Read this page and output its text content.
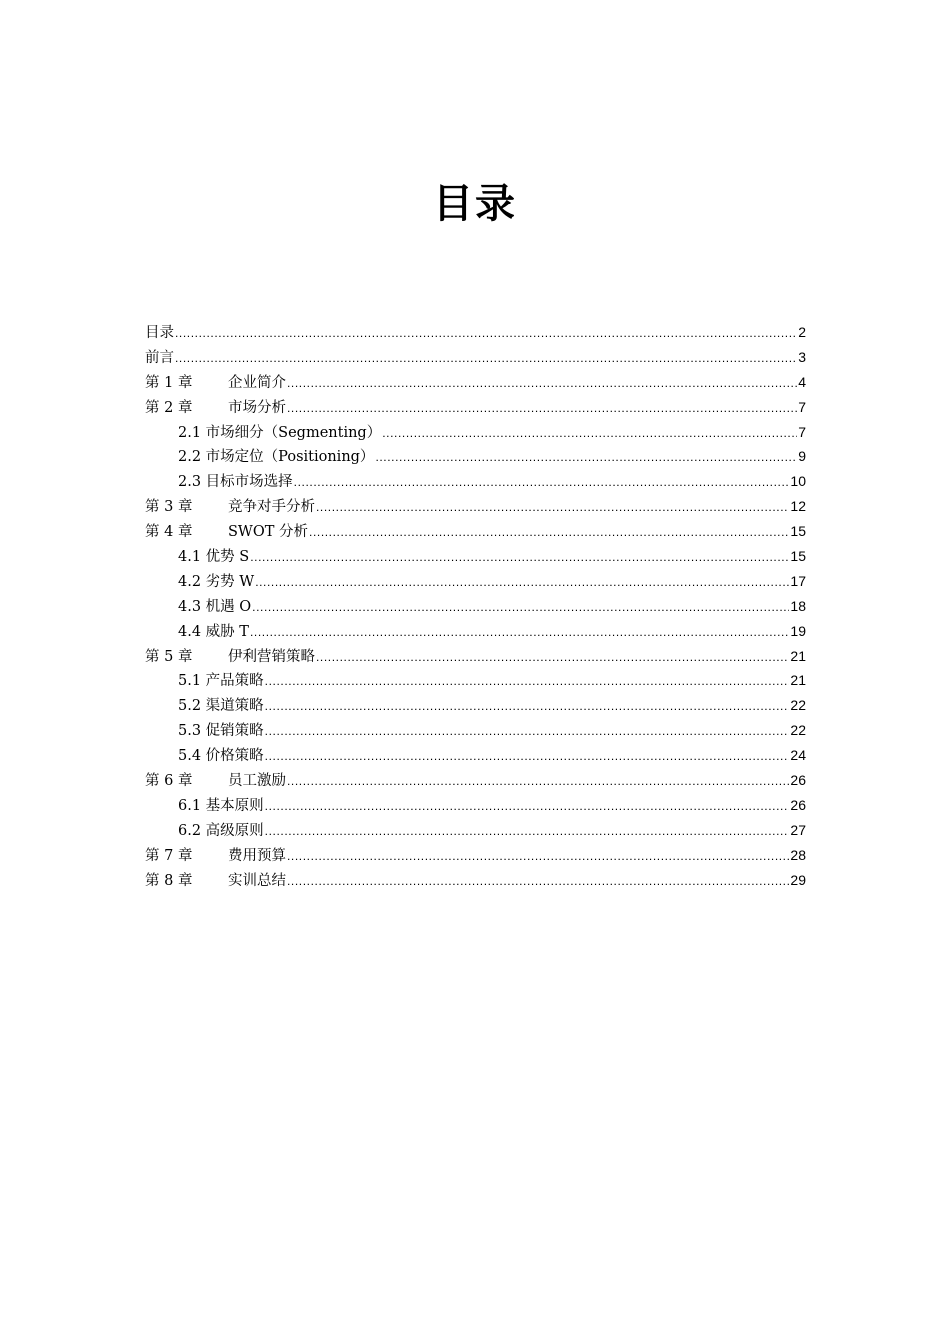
目录
目录 .....	2
前言 .....	3
第 1 章	企业简介 .....	4
第 2 章	市场分析 .....	7
2.1 市场细分（Segmenting） .....	7
2.2 市场定位（Positioning） .....	9
2.3 目标市场选择 .....	10
第 3 章	竞争对手分析 .....	12
第 4 章	SWOT 分析 .....	15
4.1 优势 S .....	15
4.2 劣势 W .....	17
4.3 机遇 O .....	18
4.4 威胁 T .....	19
第 5 章	伊利营销策略 .....	21
5.1 产品策略 .....	21
5.2 渠道策略 .....	22
5.3 促销策略 .....	22
5.4 价格策略 .....	24
第 6 章	员工激励 .....	26
6.1 基本原则 .....	26
6.2 高级原则 .....	27
第 7 章	费用预算 .....	28
第 8 章	实训总结 .....	29
